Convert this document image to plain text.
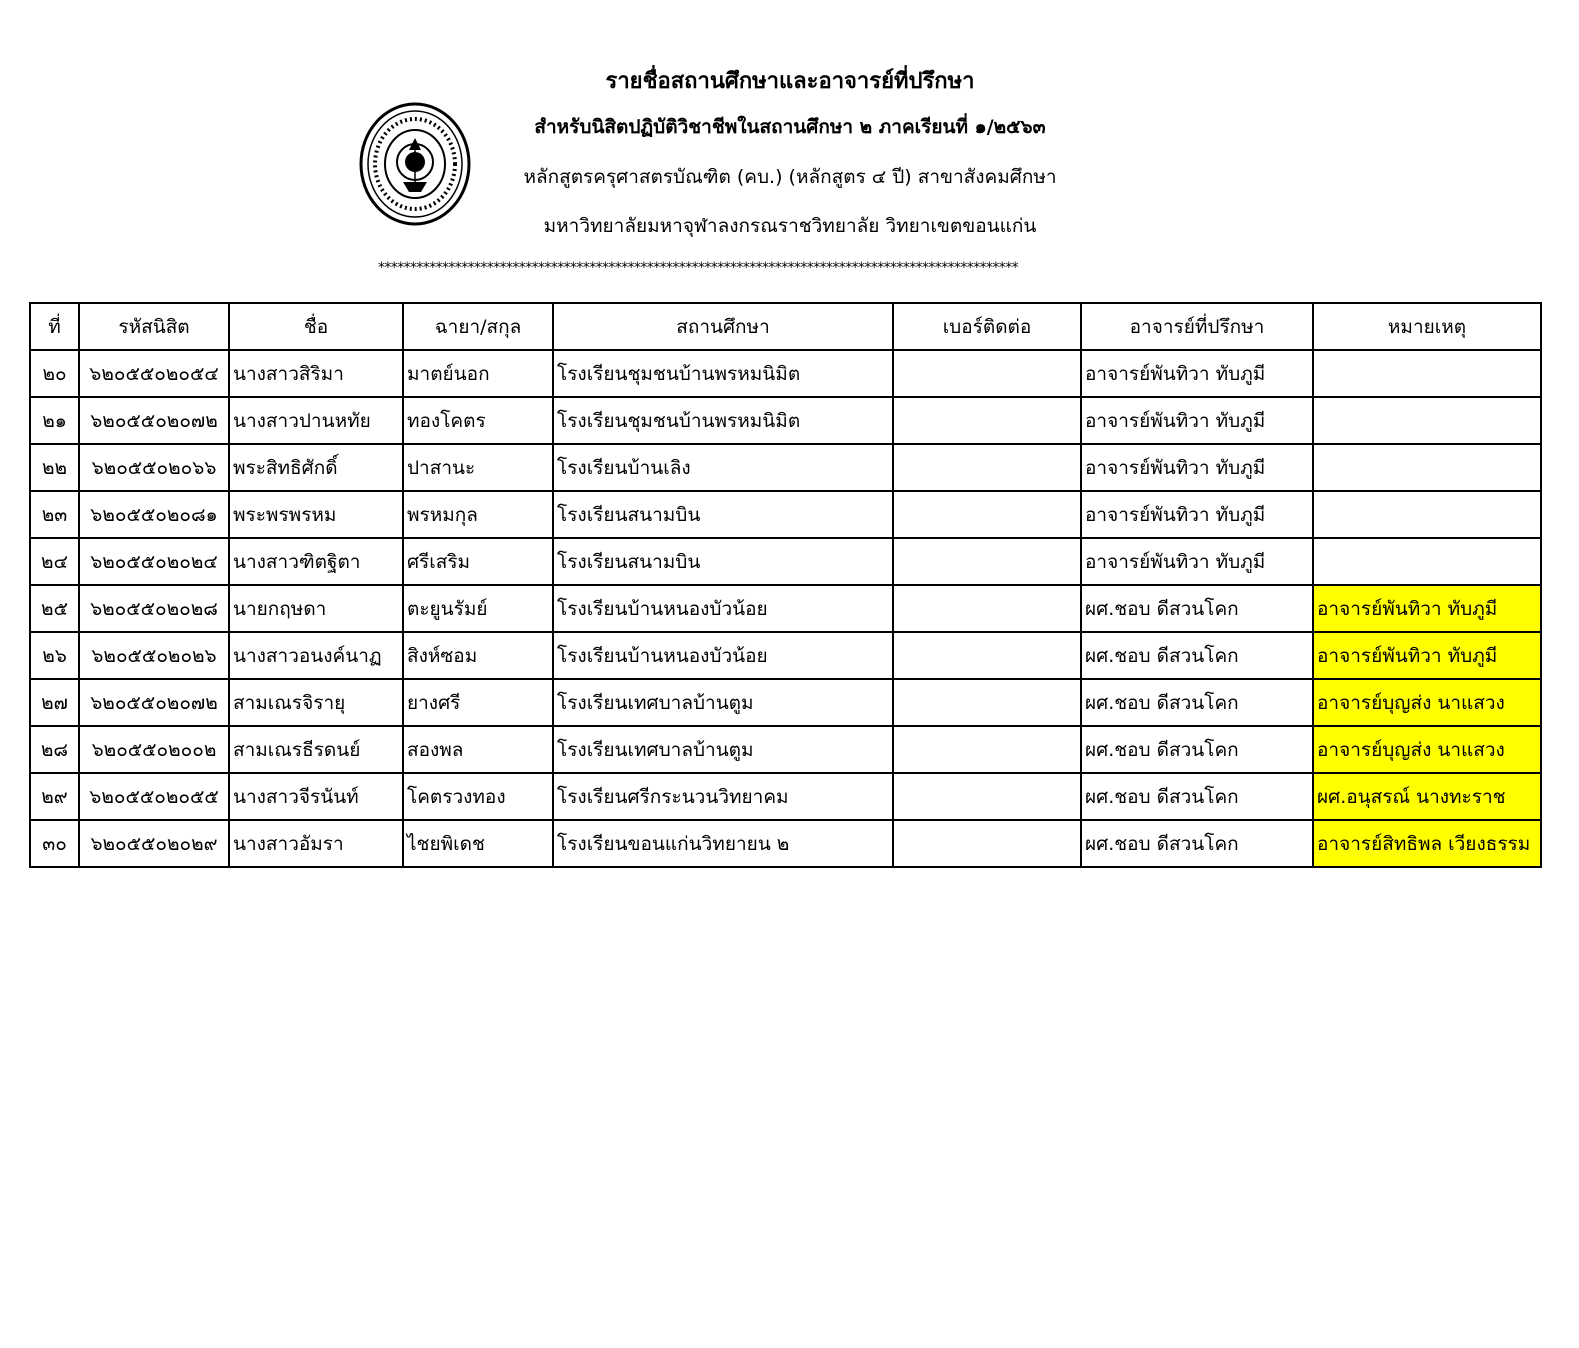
รายชื่อสถานศึกษาและอาจารย์ที่ปรึกษา
สำหรับนิสิตปฏิบัติวิชาชีพในสถานศึกษา ๒ ภาคเรียนที่ ๑/๒๕๖๓
หลักสูตรครุศาสตรบัณฑิต (คบ.) (หลักสูตร ๔ ปี) สาขาสังคมศึกษา
มหาวิทยาลัยมหาจุฬาลงกรณราชวิทยาลัย วิทยาเขตขอนแก่น
****************************************************************************************************
ที่	รหัสนิสิต	ชื่อ	ฉายา/สกุล	สถานศึกษา	เบอร์ติดต่อ	อาจารย์ที่ปรึกษา	หมายเหตุ
๒๐	๖๒๐๕๕๐๒๐๕๔	นางสาวสิริมา	มาตย์นอก	โรงเรียนชุมชนบ้านพรหมนิมิต		อาจารย์พันทิวา ทับภูมี	
๒๑	๖๒๐๕๕๐๒๐๗๒	นางสาวปานหทัย	ทองโคตร	โรงเรียนชุมชนบ้านพรหมนิมิต		อาจารย์พันทิวา ทับภูมี	
๒๒	๖๒๐๕๕๐๒๐๖๖	พระสิทธิศักดิ์	ปาสานะ	โรงเรียนบ้านเลิง		อาจารย์พันทิวา ทับภูมี	
๒๓	๖๒๐๕๕๐๒๐๘๑	พระพรพรหม	พรหมกุล	โรงเรียนสนามบิน		อาจารย์พันทิวา ทับภูมี	
๒๔	๖๒๐๕๕๐๒๐๒๔	นางสาวฑิตฐิตา	ศรีเสริม	โรงเรียนสนามบิน		อาจารย์พันทิวา ทับภูมี	
๒๕	๖๒๐๕๕๐๒๐๒๘	นายกฤษดา	ตะยูนรัมย์	โรงเรียนบ้านหนองบัวน้อย		ผศ.ชอบ ดีสวนโคก	อาจารย์พันทิวา ทับภูมี
๒๖	๖๒๐๕๕๐๒๐๒๖	นางสาวอนงค์นาฏ	สิงห์ซอม	โรงเรียนบ้านหนองบัวน้อย		ผศ.ชอบ ดีสวนโคก	อาจารย์พันทิวา ทับภูมี
๒๗	๖๒๐๕๕๐๒๐๗๒	สามเณรจิรายุ	ยางศรี	โรงเรียนเทศบาลบ้านตูม		ผศ.ชอบ ดีสวนโคก	อาจารย์บุญส่ง นาแสวง
๒๘	๖๒๐๕๕๐๒๐๐๒	สามเณรธีรดนย์	สองพล	โรงเรียนเทศบาลบ้านตูม		ผศ.ชอบ ดีสวนโคก	อาจารย์บุญส่ง นาแสวง
๒๙	๖๒๐๕๕๐๒๐๕๕	นางสาวจีรนันท์	โคตรวงทอง	โรงเรียนศรีกระนวนวิทยาคม		ผศ.ชอบ ดีสวนโคก	ผศ.อนุสรณ์ นางทะราช
๓๐	๖๒๐๕๕๐๒๐๒๙	นางสาวอัมรา	ไชยพิเดช	โรงเรียนขอนแก่นวิทยายน ๒		ผศ.ชอบ ดีสวนโคก	อาจารย์สิทธิพล เวียงธรรม
